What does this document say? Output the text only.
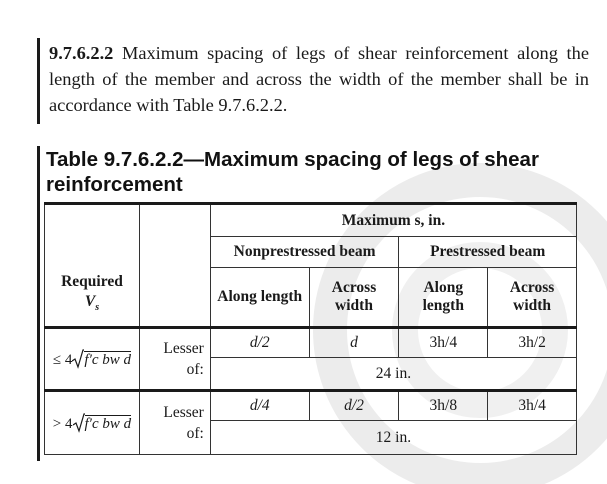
9.7.6.2.2 Maximum spacing of legs of shear reinforcement along the length of the member and across the width of the member shall be in accordance with Table 9.7.6.2.2.
Table 9.7.6.2.2—Maximum spacing of legs of shear reinforcement
Required
$V_s$		Maximum s, in.			
		Nonprestressed beam		Prestressed beam	
		Along length	Across width	Along length	Across width
≤ 4 f′c bw d	Lesser of:	d/2	d	3h/4	3h/2
		24 in.			
> 4 f′c bw d	Lesser of:	d/4	d/2	3h/8	3h/4
		12 in.			
